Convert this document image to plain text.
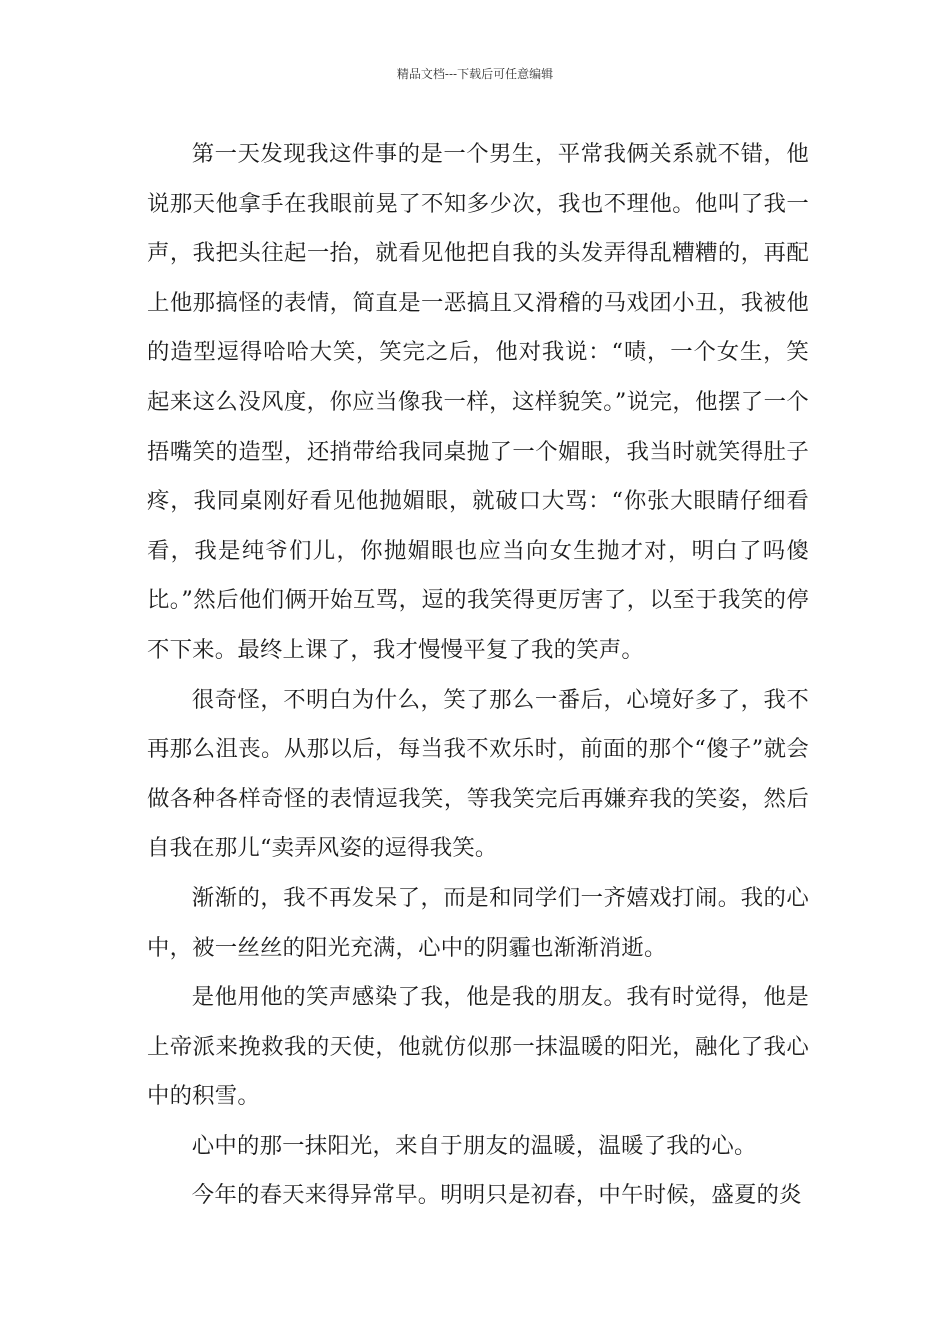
精品文档---下载后可任意编辑

第一天发现我这件事的是一个男生，平常我俩关系就不错，他说那天他拿手在我眼前晃了不知多少次，我也不理他。他叫了我一声，我把头往起一抬，就看见他把自我的头发弄得乱糟糟的，再配上他那搞怪的表情，简直是一恶搞且又滑稽的马戏团小丑，我被他的造型逗得哈哈大笑，笑完之后，他对我说：“啧，一个女生，笑起来这么没风度，你应当像我一样，这样貌笑。”说完，他摆了一个捂嘴笑的造型，还捎带给我同桌抛了一个媚眼，我当时就笑得肚子疼，我同桌刚好看见他抛媚眼，就破口大骂：“你张大眼睛仔细看看，我是纯爷们儿，你抛媚眼也应当向女生抛才对，明白了吗傻比。”然后他们俩开始互骂，逗的我笑得更厉害了，以至于我笑的停不下来。最终上课了，我才慢慢平复了我的笑声。

很奇怪，不明白为什么，笑了那么一番后，心境好多了，我不再那么沮丧。从那以后，每当我不欢乐时，前面的那个“傻子”就会做各种各样奇怪的表情逗我笑，等我笑完后再嫌弃我的笑姿，然后自我在那儿“卖弄风姿的逗得我笑。

渐渐的，我不再发呆了，而是和同学们一齐嬉戏打闹。我的心中，被一丝丝的阳光充满，心中的阴霾也渐渐消逝。

是他用他的笑声感染了我，他是我的朋友。我有时觉得，他是上帝派来挽救我的天使，他就仿似那一抹温暖的阳光，融化了我心中的积雪。

心中的那一抹阳光，来自于朋友的温暖，温暖了我的心。

今年的春天来得异常早。明明只是初春，中午时候，盛夏的炎
